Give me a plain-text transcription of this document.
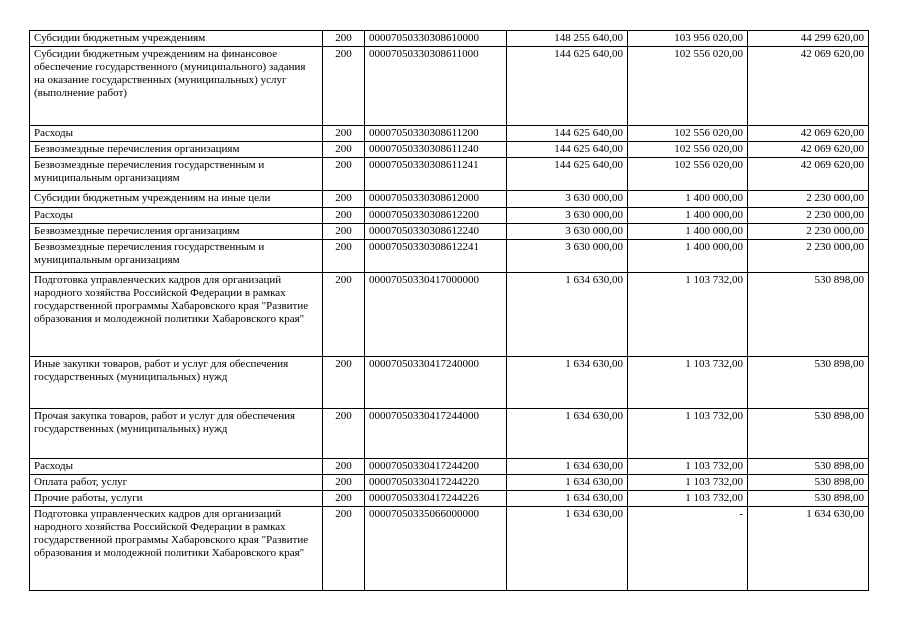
Субсидии бюджетным учреждениям	200	00007050330308610000	148 255 640,00	103 956 020,00	44 299 620,00
Субсидии бюджетным учреждениям на финансовое обеспечение государственного (муниципального) задания на оказание государственных (муниципальных) услуг (выполнение работ)	200	00007050330308611000	144 625 640,00	102 556 020,00	42 069 620,00
Расходы	200	00007050330308611200	144 625 640,00	102 556 020,00	42 069 620,00
Безвозмездные перечисления организациям	200	00007050330308611240	144 625 640,00	102 556 020,00	42 069 620,00
Безвозмездные перечисления государственным и муниципальным организациям	200	00007050330308611241	144 625 640,00	102 556 020,00	42 069 620,00
Субсидии бюджетным учреждениям на иные цели	200	00007050330308612000	3 630 000,00	1 400 000,00	2 230 000,00
Расходы	200	00007050330308612200	3 630 000,00	1 400 000,00	2 230 000,00
Безвозмездные перечисления организациям	200	00007050330308612240	3 630 000,00	1 400 000,00	2 230 000,00
Безвозмездные перечисления государственным и муниципальным организациям	200	00007050330308612241	3 630 000,00	1 400 000,00	2 230 000,00
Подготовка управленческих кадров для организаций народного хозяйства Российской Федерации в рамках государственной программы Хабаровского края "Развитие образования и молодежной политики Хабаровского края"	200	00007050330417000000	1 634 630,00	1 103 732,00	530 898,00
Иные закупки товаров, работ и услуг для обеспечения государственных (муниципальных) нужд	200	00007050330417240000	1 634 630,00	1 103 732,00	530 898,00
Прочая закупка товаров, работ и услуг для обеспечения государственных (муниципальных) нужд	200	00007050330417244000	1 634 630,00	1 103 732,00	530 898,00
Расходы	200	00007050330417244200	1 634 630,00	1 103 732,00	530 898,00
Оплата работ, услуг	200	00007050330417244220	1 634 630,00	1 103 732,00	530 898,00
Прочие работы, услуги	200	00007050330417244226	1 634 630,00	1 103 732,00	530 898,00
Подготовка управленческих кадров для организаций народного хозяйства Российской Федерации в рамках государственной программы Хабаровского края "Развитие образования и молодежной политики Хабаровского края"	200	00007050335066000000	1 634 630,00	-	1 634 630,00
